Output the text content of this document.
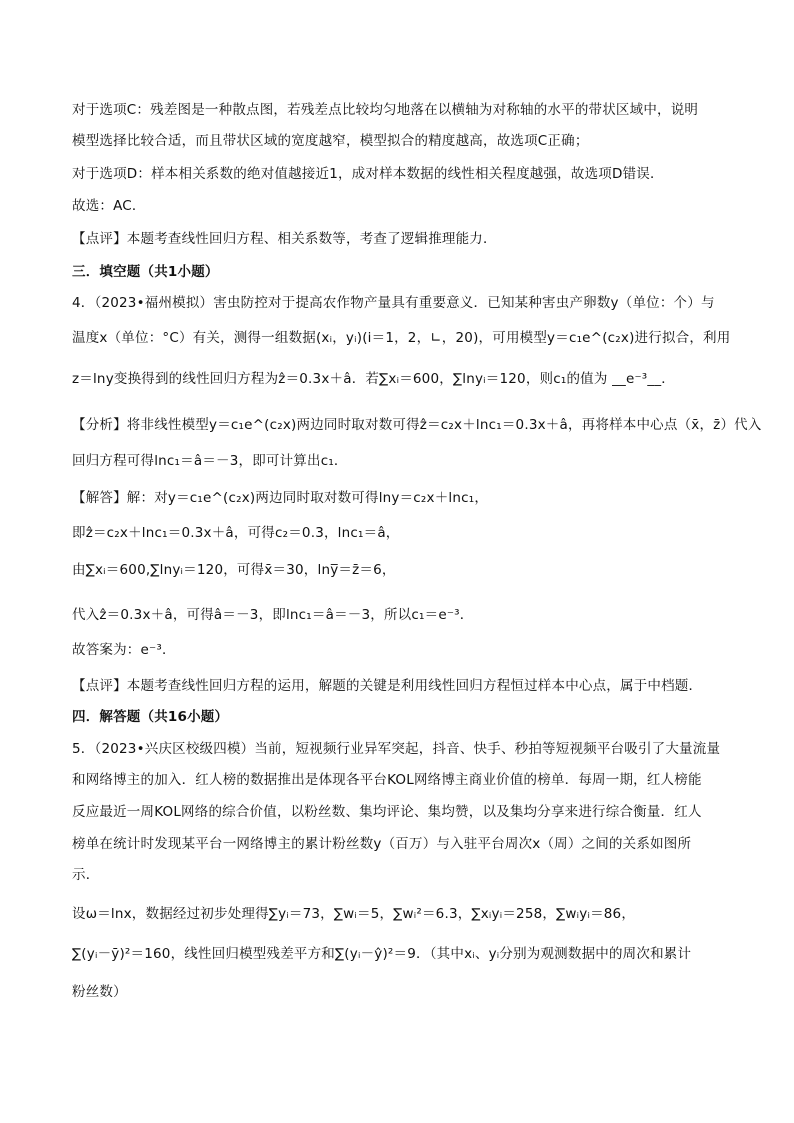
对于选项C：残差图是一种散点图，若残差点比较均匀地落在以横轴为对称轴的水平的带状区域中，说明
模型选择比较合适，而且带状区域的宽度越窄，模型拟合的精度越高，故选项C正确；
对于选项D：样本相关系数的绝对值越接近1，成对样本数据的线性相关程度越强，故选项D错误．
故选：AC．
【点评】本题考查线性回归方程、相关系数等，考查了逻辑推理能力．
三．填空题（共1小题）
4．（2023•福州模拟）害虫防控对于提高农作物产量具有重要意义．已知某种害虫产卵数y（单位：个）与
温度x（单位：°C）有关，测得一组数据(xᵢ，yᵢ)(i＝1，2，∟，20)，可用模型y＝c₁e^(c₂x)进行拟合，利用
z＝lny变换得到的线性回归方程为ẑ＝0.3x＋â．若∑xᵢ＝600，∑lnyᵢ＝120，则c₁的值为 __e⁻³__．
【分析】将非线性模型y＝c₁e^(c₂x)两边同时取对数可得ẑ＝c₂x＋lnc₁＝0.3x＋â，再将样本中心点（x̄，z̄）代入
回归方程可得lnc₁＝â＝－3，即可计算出c₁．
【解答】解：对y＝c₁e^(c₂x)两边同时取对数可得lny＝c₂x＋lnc₁，
即ẑ＝c₂x＋lnc₁＝0.3x＋â，可得c₂＝0.3，lnc₁＝â，
由∑xᵢ＝600,∑lnyᵢ＝120，可得x̄＝30，lny̅＝z̄＝6，
代入ẑ＝0.3x＋â，可得â＝－3，即lnc₁＝â＝－3，所以c₁＝e⁻³．
故答案为：e⁻³．
【点评】本题考查线性回归方程的运用，解题的关键是利用线性回归方程恒过样本中心点，属于中档题．
四．解答题（共16小题）
5．（2023•兴庆区校级四模）当前，短视频行业异军突起，抖音、快手、秒拍等短视频平台吸引了大量流量
和网络博主的加入．红人榜的数据推出是体现各平台KOL网络博主商业价值的榜单．每周一期，红人榜能
反应最近一周KOL网络的综合价值，以粉丝数、集均评论、集均赞，以及集均分享来进行综合衡量．红人
榜单在统计时发现某平台一网络博主的累计粉丝数y（百万）与入驻平台周次x（周）之间的关系如图所
示．
设ω＝lnx，数据经过初步处理得∑yᵢ＝73，∑wᵢ＝5，∑wᵢ²＝6.3，∑xᵢyᵢ＝258，∑wᵢyᵢ＝86，
∑(yᵢ－ȳ)²＝160，线性回归模型残差平方和∑(yᵢ－ŷ)²＝9．（其中xᵢ、yᵢ分别为观测数据中的周次和累计
粉丝数）
